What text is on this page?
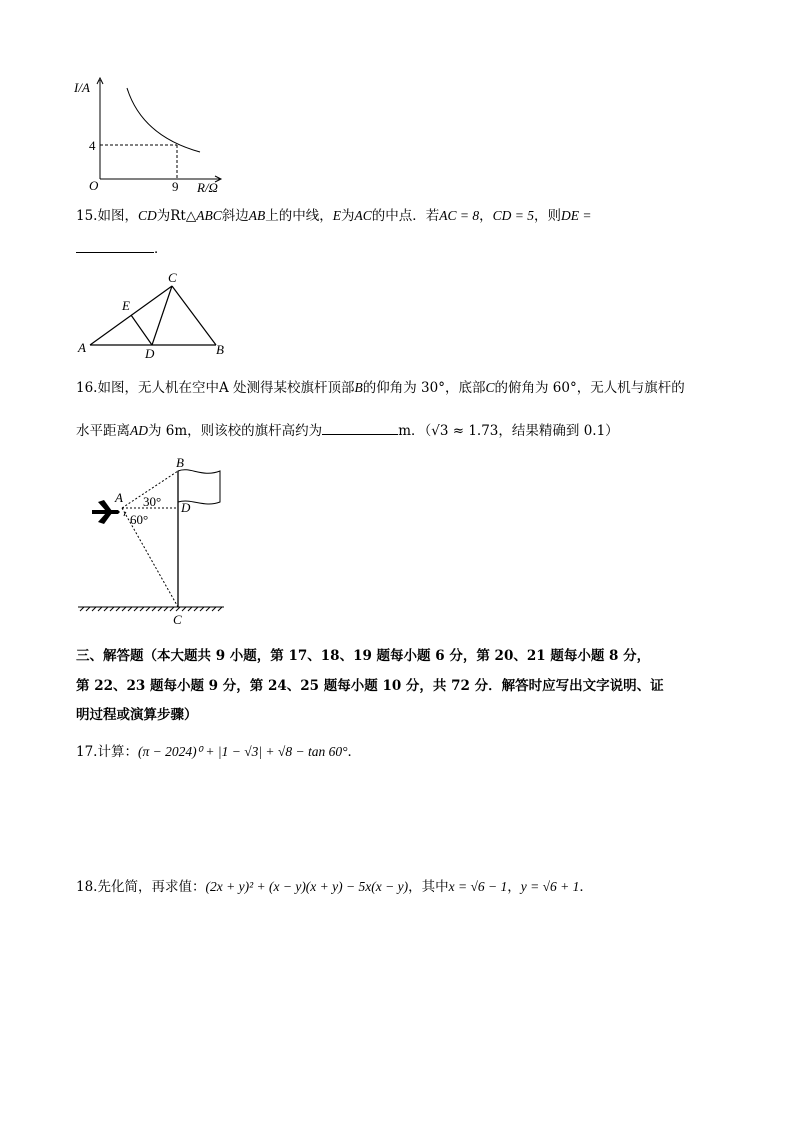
I/A
R/Ω
O
4
9
15.如图，CD为Rt△ABC斜边AB上的中线，E为AC的中点．若AC = 8，CD = 5，则DE =
．
A	B
C
D
E
16.如图，无人机在空中A 处测得某校旗杆顶部B的仰角为 30°，底部C的俯角为 60°，无人机与旗杆的
水平距离AD为 6m，则该校的旗杆高约为	m．（√3 ≈ 1.73，结果精确到 0.1）
A
B
C
D
30°
60°
三、解答题（本大题共 9 小题，第 17、18、19 题每小题 6 分，第 20、21 题每小题 8 分，
第 22、23 题每小题 9 分，第 24、25 题每小题 10 分，共 72 分．解答时应写出文字说明、证
明过程或演算步骤）
17.计算：(π − 2024)⁰ + |1 − √3| + √8 − tan 60°．
18.先化简，再求值：(2x + y)² + (x − y)(x + y) − 5x(x − y)，其中x = √6 − 1，y = √6 + 1．
